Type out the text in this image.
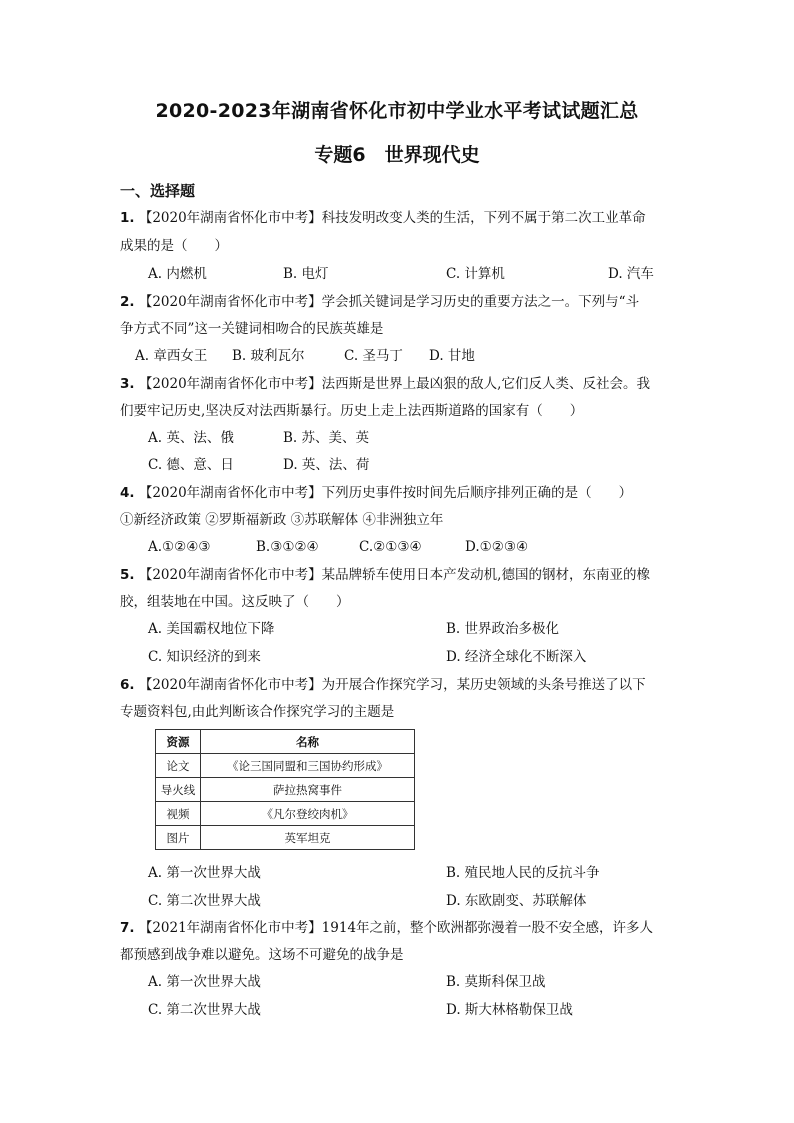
2020-2023年湖南省怀化市初中学业水平考试试题汇总
专题6　世界现代史
一、选择题
1. 【2020年湖南省怀化市中考】科技发明改变人类的生活，下列不属于第二次工业革命
成果的是（　　）
A. 内燃机	B. 电灯	C. 计算机	D. 汽车
2. 【2020年湖南省怀化市中考】学会抓关键词是学习历史的重要方法之一。下列与“斗
争方式不同”这一关键词相吻合的民族英雄是
A. 章西女王 B. 玻利瓦尔	C. 圣马丁 D. 甘地
3. 【2020年湖南省怀化市中考】法西斯是世界上最凶狠的敌人,它们反人类、反社会。我
们要牢记历史,坚决反对法西斯暴行。历史上走上法西斯道路的国家有（　　）
A. 英、法、俄	B. 苏、美、英
C. 德、意、日	D. 英、法、荷
4. 【2020年湖南省怀化市中考】下列历史事件按时间先后顺序排列正确的是（　　）
①新经济政策 ②罗斯福新政 ③苏联解体 ④非洲独立年
A.①②④③	B.③①②④	C.②①③④	D.①②③④
5. 【2020年湖南省怀化市中考】某品牌轿车使用日本产发动机,德国的钢材，东南亚的橡
胶，组装地在中国。这反映了（　　）
A. 美国霸权地位下降	B. 世界政治多极化
C. 知识经济的到来	D. 经济全球化不断深入
6. 【2020年湖南省怀化市中考】为开展合作探究学习，某历史领域的头条号推送了以下
专题资料包,由此判断该合作探究学习的主题是
资源	名称
论文	《论三国同盟和三国协约形成》
导火线	萨拉热窝事件
视频	《凡尔登绞肉机》
图片	英军坦克
A. 第一次世界大战	B. 殖民地人民的反抗斗争
C. 第二次世界大战	D. 东欧剧变、苏联解体
7. 【2021年湖南省怀化市中考】1914年之前，整个欧洲都弥漫着一股不安全感，许多人
都预感到战争难以避免。这场不可避免的战争是
A. 第一次世界大战	B. 莫斯科保卫战
C. 第二次世界大战	D. 斯大林格勒保卫战
